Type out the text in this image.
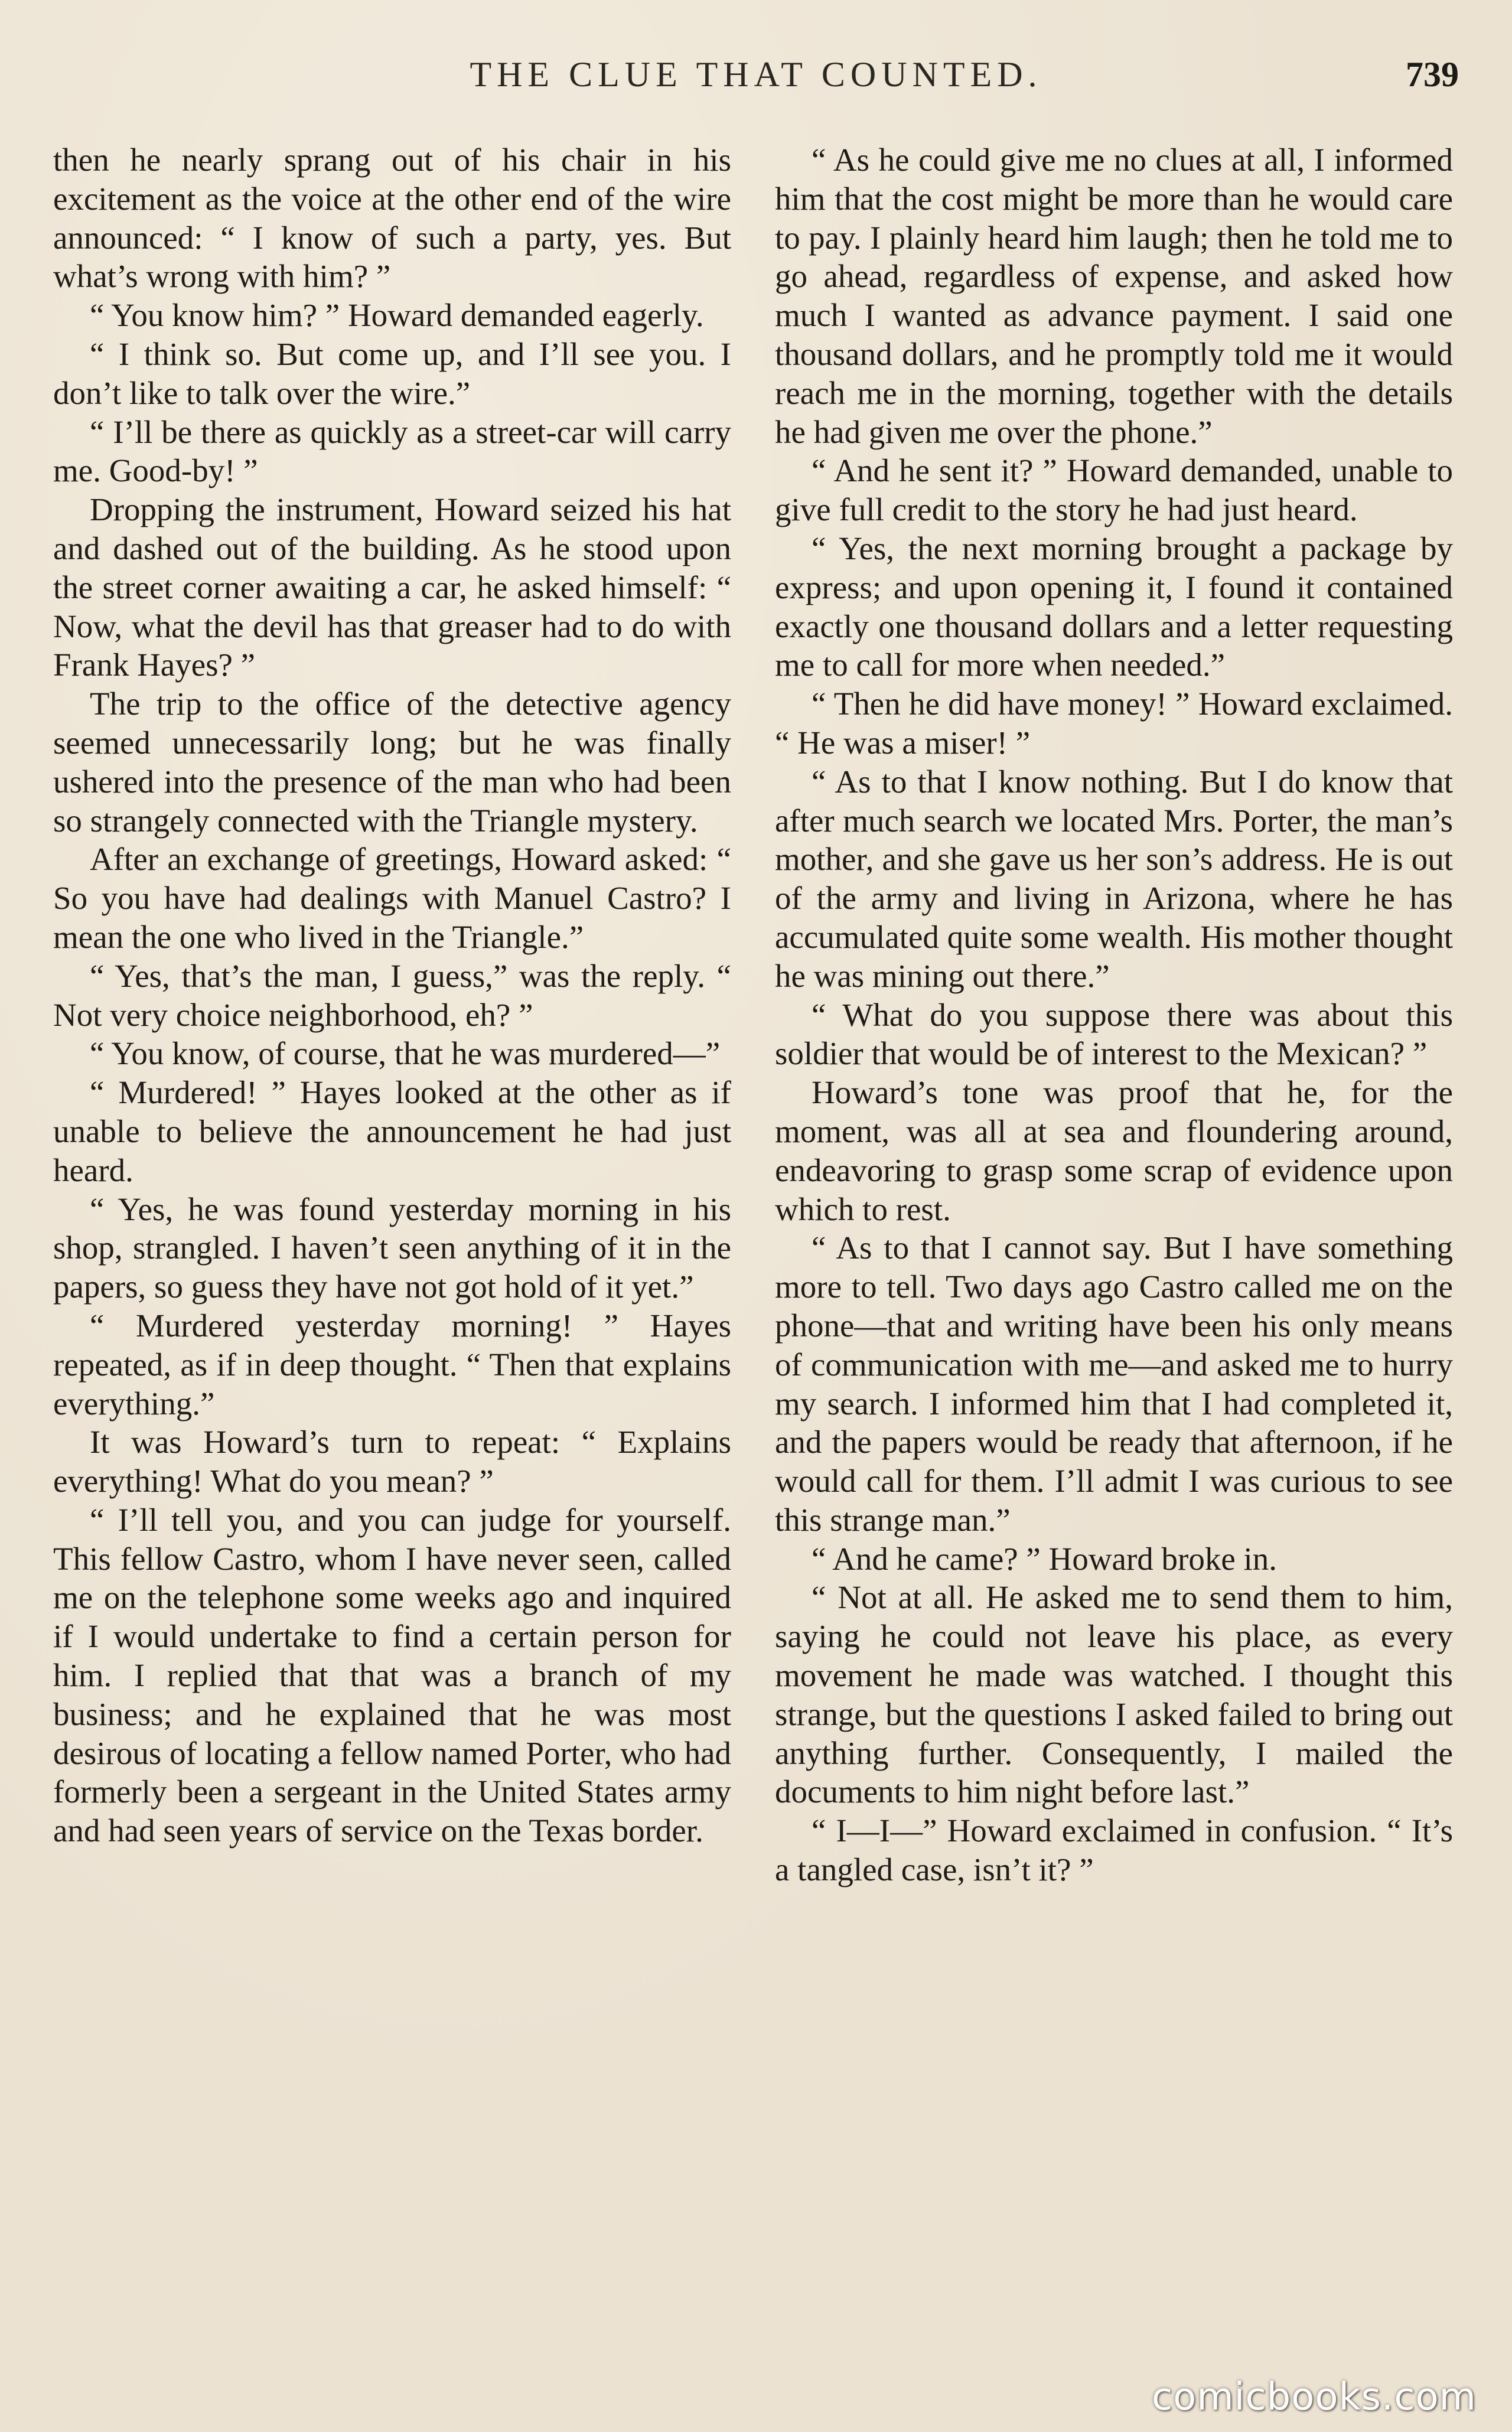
THE CLUE THAT COUNTED.	739

then he nearly sprang out of his chair in his excitement as the voice at the other end of the wire announced: “ I know of such a party, yes. But what’s wrong with him? ”

“ You know him? ” Howard demanded eagerly.

“ I think so. But come up, and I’ll see you. I don’t like to talk over the wire.”

“ I’ll be there as quickly as a street-car will carry me. Good-by! ”

Dropping the instrument, Howard seized his hat and dashed out of the building. As he stood upon the street corner awaiting a car, he asked himself: “ Now, what the devil has that greaser had to do with Frank Hayes? ”

The trip to the office of the detective agency seemed unnecessarily long; but he was finally ushered into the presence of the man who had been so strangely connected with the Triangle mystery.

After an exchange of greetings, Howard asked: “ So you have had dealings with Manuel Castro? I mean the one who lived in the Triangle.”

“ Yes, that’s the man, I guess,” was the reply. “ Not very choice neighborhood, eh? ”

“ You know, of course, that he was murdered—”

“ Murdered! ” Hayes looked at the other as if unable to believe the announcement he had just heard.

“ Yes, he was found yesterday morning in his shop, strangled. I haven’t seen anything of it in the papers, so guess they have not got hold of it yet.”

“ Murdered yesterday morning! ” Hayes repeated, as if in deep thought. “ Then that explains everything.”

It was Howard’s turn to repeat: “ Explains everything! What do you mean? ”

“ I’ll tell you, and you can judge for yourself. This fellow Castro, whom I have never seen, called me on the telephone some weeks ago and inquired if I would undertake to find a certain person for him. I replied that that was a branch of my business; and he explained that he was most desirous of locating a fellow named Porter, who had formerly been a sergeant in the United States army and had seen years of service on the Texas border.

“ As he could give me no clues at all, I informed him that the cost might be more than he would care to pay. I plainly heard him laugh; then he told me to go ahead, regardless of expense, and asked how much I wanted as advance payment. I said one thousand dollars, and he promptly told me it would reach me in the morning, together with the details he had given me over the phone.”

“ And he sent it? ” Howard demanded, unable to give full credit to the story he had just heard.

“ Yes, the next morning brought a package by express; and upon opening it, I found it contained exactly one thousand dollars and a letter requesting me to call for more when needed.”

“ Then he did have money! ” Howard exclaimed. “ He was a miser! ”

“ As to that I know nothing. But I do know that after much search we located Mrs. Porter, the man’s mother, and she gave us her son’s address. He is out of the army and living in Arizona, where he has accumulated quite some wealth. His mother thought he was mining out there.”

“ What do you suppose there was about this soldier that would be of interest to the Mexican? ”

Howard’s tone was proof that he, for the moment, was all at sea and floundering around, endeavoring to grasp some scrap of evidence upon which to rest.

“ As to that I cannot say. But I have something more to tell. Two days ago Castro called me on the phone—that and writing have been his only means of communication with me—and asked me to hurry my search. I informed him that I had completed it, and the papers would be ready that afternoon, if he would call for them. I’ll admit I was curious to see this strange man.”

“ And he came? ” Howard broke in.

“ Not at all. He asked me to send them to him, saying he could not leave his place, as every movement he made was watched. I thought this strange, but the questions I asked failed to bring out anything further. Consequently, I mailed the documents to him night before last.”

“ I—I—” Howard exclaimed in confusion. “ It’s a tangled case, isn’t it? ”

comicbooks.com
